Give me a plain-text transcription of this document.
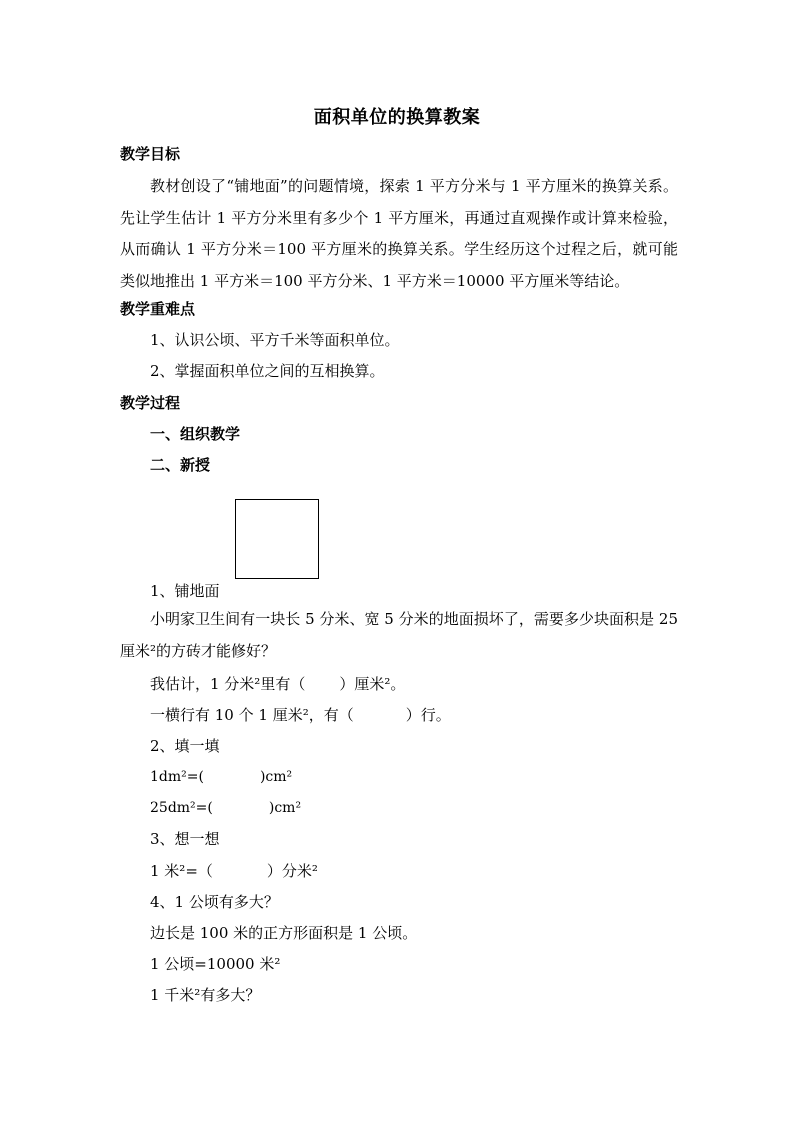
面积单位的换算教案
教学目标
教材创设了“铺地面”的问题情境，探索 1 平方分米与 1 平方厘米的换算关系。先让学生估计 1 平方分米里有多少个 1 平方厘米，再通过直观操作或计算来检验，从而确认 1 平方分米＝100 平方厘米的换算关系。学生经历这个过程之后，就可能类似地推出 1 平方米＝100 平方分米、1 平方米＝10000 平方厘米等结论。
教学重难点
1、认识公顷、平方千米等面积单位。
2、掌握面积单位之间的互相换算。
教学过程
一、组织教学
二、新授
1、铺地面
小明家卫生间有一块长 5 分米、宽 5 分米的地面损坏了，需要多少块面积是 25 厘米²的方砖才能修好？
我估计，1 分米²里有（ ）厘米²。
一横行有 10 个 1 厘米²，有（	）行。
2、填一填
1dm²=(	)cm²
25dm²=(	)cm²
3、想一想
1 米²=（	）分米²
4、1 公顷有多大？
边长是 100 米的正方形面积是 1 公顷。
1 公顷=10000 米²
1 千米²有多大？
